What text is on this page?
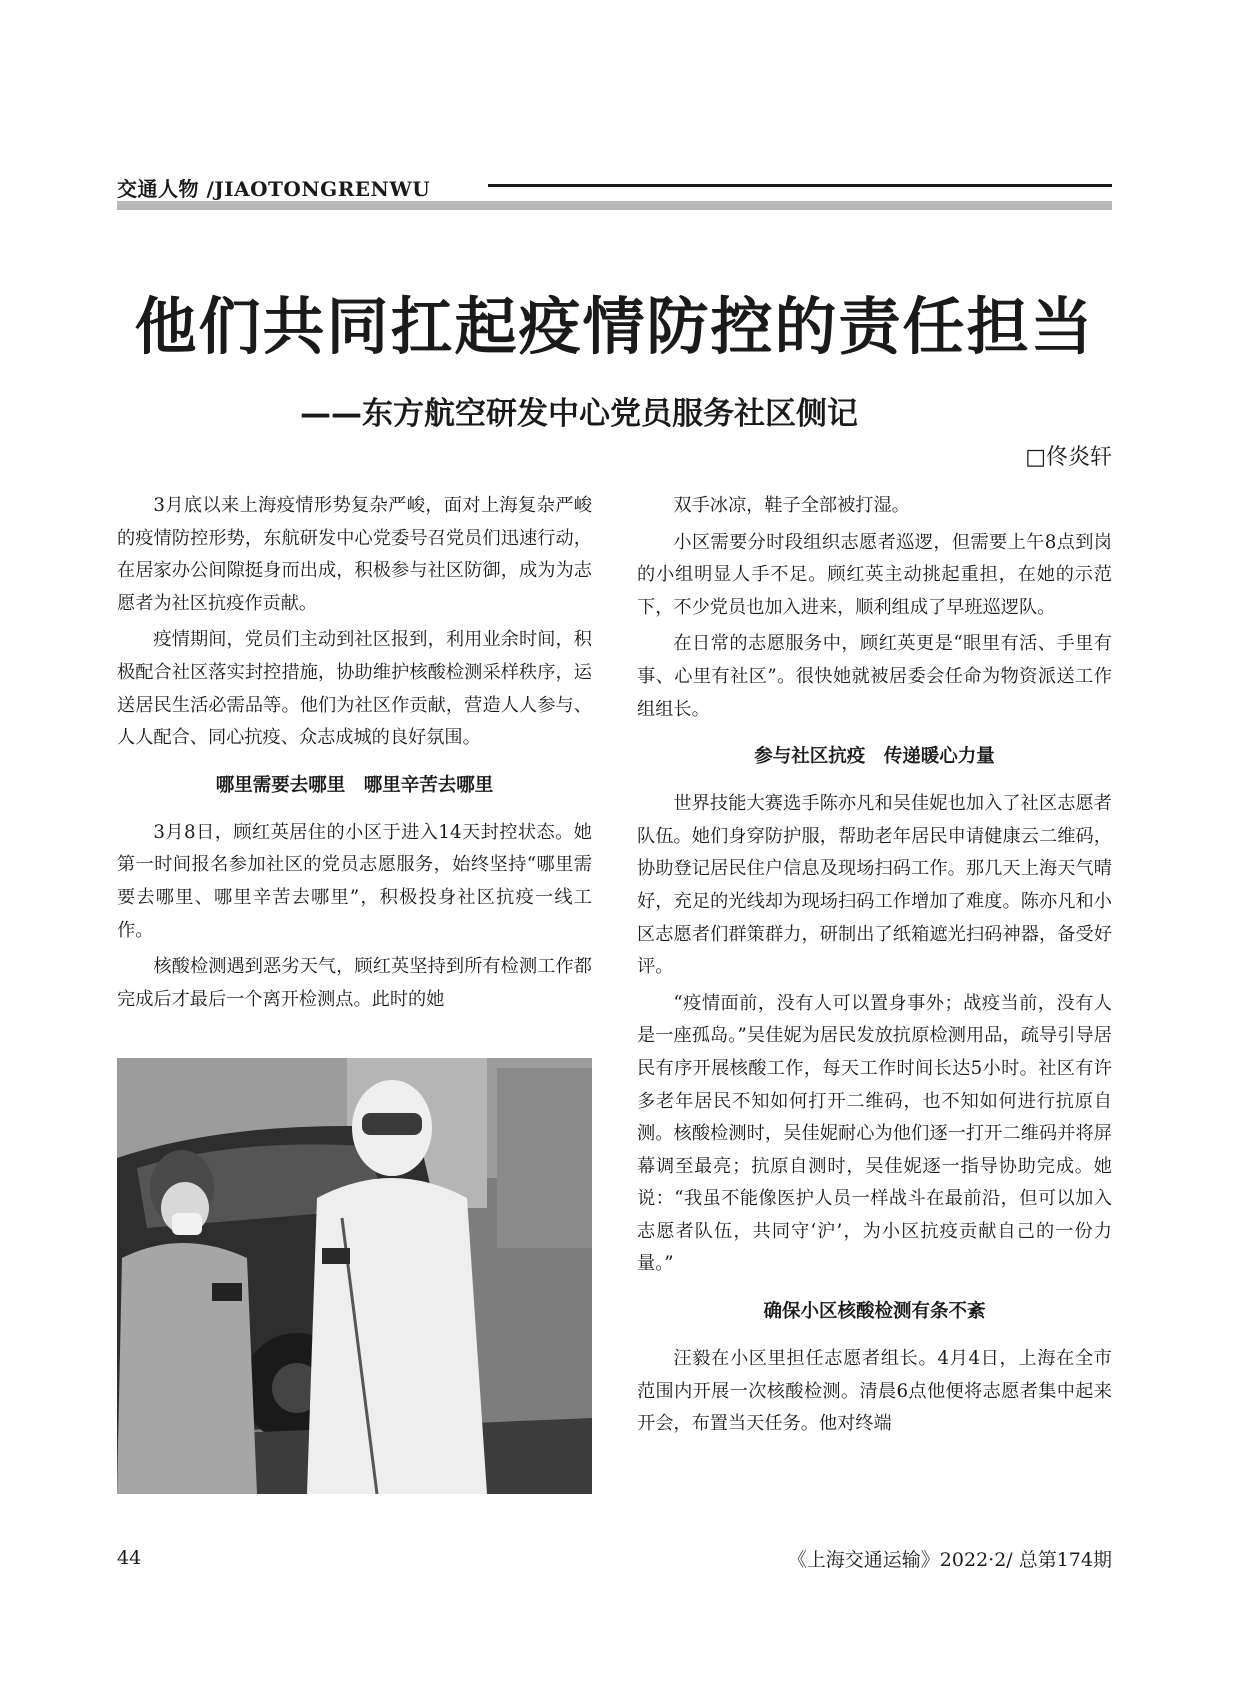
交通人物 /JIAOTONGRENWU
他们共同扛起疫情防控的责任担当
——东方航空研发中心党员服务社区侧记
□佟炎轩

3月底以来上海疫情形势复杂严峻，面对上海复杂严峻的疫情防控形势，东航研发中心党委号召党员们迅速行动，在居家办公间隙挺身而出成，积极参与社区防御，成为为志愿者为社区抗疫作贡献。

疫情期间，党员们主动到社区报到，利用业余时间，积极配合社区落实封控措施，协助维护核酸检测采样秩序，运送居民生活必需品等。他们为社区作贡献，营造人人参与、人人配合、同心抗疫、众志成城的良好氛围。

哪里需要去哪里　哪里辛苦去哪里

3月8日，顾红英居住的小区于进入14天封控状态。她第一时间报名参加社区的党员志愿服务，始终坚持“哪里需要去哪里、哪里辛苦去哪里”，积极投身社区抗疫一线工作。

核酸检测遇到恶劣天气，顾红英坚持到所有检测工作都完成后才最后一个离开检测点。此时的她

双手冰凉，鞋子全部被打湿。

小区需要分时段组织志愿者巡逻，但需要上午8点到岗的小组明显人手不足。顾红英主动挑起重担，在她的示范下，不少党员也加入进来，顺利组成了早班巡逻队。

在日常的志愿服务中，顾红英更是“眼里有活、手里有事、心里有社区”。很快她就被居委会任命为物资派送工作组组长。

参与社区抗疫　传递暖心力量

世界技能大赛选手陈亦凡和吴佳妮也加入了社区志愿者队伍。她们身穿防护服，帮助老年居民申请健康云二维码，协助登记居民住户信息及现场扫码工作。那几天上海天气晴好，充足的光线却为现场扫码工作增加了难度。陈亦凡和小区志愿者们群策群力，研制出了纸箱遮光扫码神器，备受好评。

“疫情面前，没有人可以置身事外；战疫当前，没有人是一座孤岛。”吴佳妮为居民发放抗原检测用品，疏导引导居民有序开展核酸工作，每天工作时间长达5小时。社区有许多老年居民不知如何打开二维码，也不知如何进行抗原自测。核酸检测时，吴佳妮耐心为他们逐一打开二维码并将屏幕调至最亮；抗原自测时，吴佳妮逐一指导协助完成。她说：“我虽不能像医护人员一样战斗在最前沿，但可以加入志愿者队伍，共同守‘沪’，为小区抗疫贡献自己的一份力量。”

确保小区核酸检测有条不紊

汪毅在小区里担任志愿者组长。4月4日，上海在全市范围内开展一次核酸检测。清晨6点他便将志愿者集中起来开会，布置当天任务。他对终端

44	《上海交通运输》2022·2/ 总第174期
